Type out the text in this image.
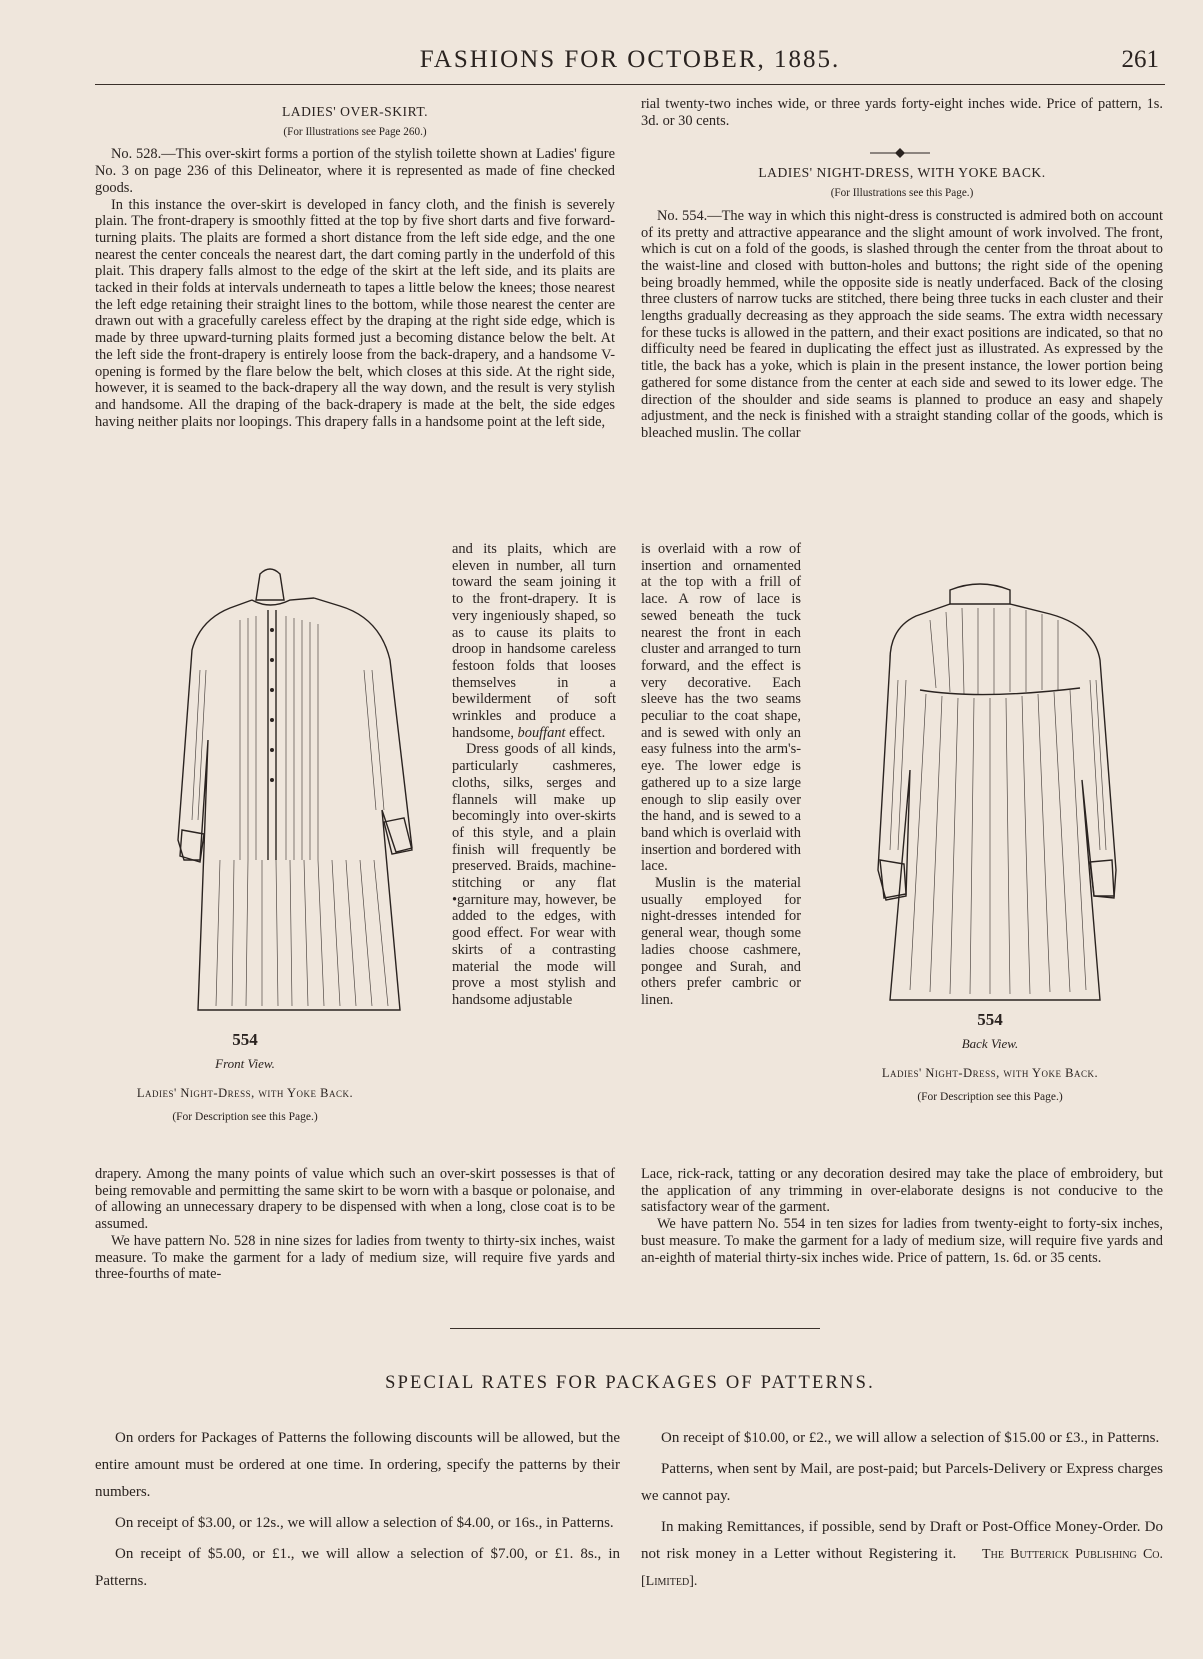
FASHIONS FOR OCTOBER, 1885.	261
LADIES' OVER-SKIRT.
(For Illustrations see Page 260.)

No. 528.—This over-skirt forms a portion of the stylish toilette shown at Ladies' figure No. 3 on page 236 of this Delineator, where it is represented as made of fine checked goods.

In this instance the over-skirt is developed in fancy cloth, and the finish is severely plain. The front-drapery is smoothly fitted at the top by five short darts and five forward-turning plaits. The plaits are formed a short distance from the left side edge, and the one nearest the center conceals the nearest dart, the dart coming partly in the underfold of this plait. This drapery falls almost to the edge of the skirt at the left side, and its plaits are tacked in their folds at intervals underneath to tapes a little below the knees; those nearest the left edge retaining their straight lines to the bottom, while those nearest the center are drawn out with a gracefully careless effect by the draping at the right side edge, which is made by three upward-turning plaits formed just a becoming distance below the belt. At the left side the front-drapery is entirely loose from the back-drapery, and a handsome V-opening is formed by the flare below the belt, which closes at this side. At the right side, however, it is seamed to the back-drapery all the way down, and the result is very stylish and handsome. All the draping of the back-drapery is made at the belt, the side edges having neither plaits nor loopings. This drapery falls in a handsome point at the left side,

554
Front View.
Ladies' Night-Dress, with Yoke Back.
(For Description see this Page.)

and its plaits, which are eleven in number, all turn toward the seam joining it to the front-drapery. It is very ingeniously shaped, so as to cause its plaits to droop in handsome careless festoon folds that looses themselves in a bewilderment of soft wrinkles and produce a handsome, bouffant effect.

Dress goods of all kinds, particularly cashmeres, cloths, silks, serges and flannels will make up becomingly into over-skirts of this style, and a plain finish will frequently be preserved. Braids, machine-stitching or any flat •garniture may, however, be added to the edges, with good effect. For wear with skirts of a contrasting material the mode will prove a most stylish and handsome adjustable

drapery. Among the many points of value which such an over-skirt possesses is that of being removable and permitting the same skirt to be worn with a basque or polonaise, and of allowing an unnecessary drapery to be dispensed with when a long, close coat is to be assumed.

We have pattern No. 528 in nine sizes for ladies from twenty to thirty-six inches, waist measure. To make the garment for a lady of medium size, will require five yards and three-fourths of mate-

rial twenty-two inches wide, or three yards forty-eight inches wide. Price of pattern, 1s. 3d. or 30 cents.

LADIES' NIGHT-DRESS, WITH YOKE BACK.
(For Illustrations see this Page.)

No. 554.—The way in which this night-dress is constructed is admired both on account of its pretty and attractive appearance and the slight amount of work involved. The front, which is cut on a fold of the goods, is slashed through the center from the throat about to the waist-line and closed with button-holes and buttons; the right side of the opening being broadly hemmed, while the opposite side is neatly underfaced. Back of the closing three clusters of narrow tucks are stitched, there being three tucks in each cluster and their lengths gradually decreasing as they approach the side seams. The extra width necessary for these tucks is allowed in the pattern, and their exact positions are indicated, so that no difficulty need be feared in duplicating the effect just as illustrated. As expressed by the title, the back has a yoke, which is plain in the present instance, the lower portion being gathered for some distance from the center at each side and sewed to its lower edge. The direction of the shoulder and side seams is planned to produce an easy and shapely adjustment, and the neck is finished with a straight standing collar of the goods, which is bleached muslin. The collar

is overlaid with a row of insertion and ornamented at the top with a frill of lace. A row of lace is sewed beneath the tuck nearest the front in each cluster and arranged to turn forward, and the effect is very decorative. Each sleeve has the two seams peculiar to the coat shape, and is sewed with only an easy fulness into the arm's-eye. The lower edge is gathered up to a size large enough to slip easily over the hand, and is sewed to a band which is overlaid with insertion and bordered with lace.

Muslin is the material usually employed for night-dresses intended for general wear, though some ladies choose cashmere, pongee and Surah, and others prefer cambric or linen.

554
Back View.
Ladies' Night-Dress, with Yoke Back.
(For Description see this Page.)

Lace, rick-rack, tatting or any decoration desired may take the place of embroidery, but the application of any trimming in over-elaborate designs is not conducive to the satisfactory wear of the garment.

We have pattern No. 554 in ten sizes for ladies from twenty-eight to forty-six inches, bust measure. To make the garment for a lady of medium size, will require five yards and an-eighth of material thirty-six inches wide. Price of pattern, 1s. 6d. or 35 cents.

SPECIAL RATES FOR PACKAGES OF PATTERNS.

On orders for Packages of Patterns the following discounts will be allowed, but the entire amount must be ordered at one time. In ordering, specify the patterns by their numbers.

On receipt of $3.00, or 12s., we will allow a selection of $4.00, or 16s., in Patterns.

On receipt of $5.00, or £1., we will allow a selection of $7.00, or £1. 8s., in Patterns.

On receipt of $10.00, or £2., we will allow a selection of $15.00 or £3., in Patterns.

Patterns, when sent by Mail, are post-paid; but Parcels-Delivery or Express charges we cannot pay.

In making Remittances, if possible, send by Draft or Post-Office Money-Order. Do not risk money in a Letter without Registering it. The Butterick Publishing Co. [Limited].
